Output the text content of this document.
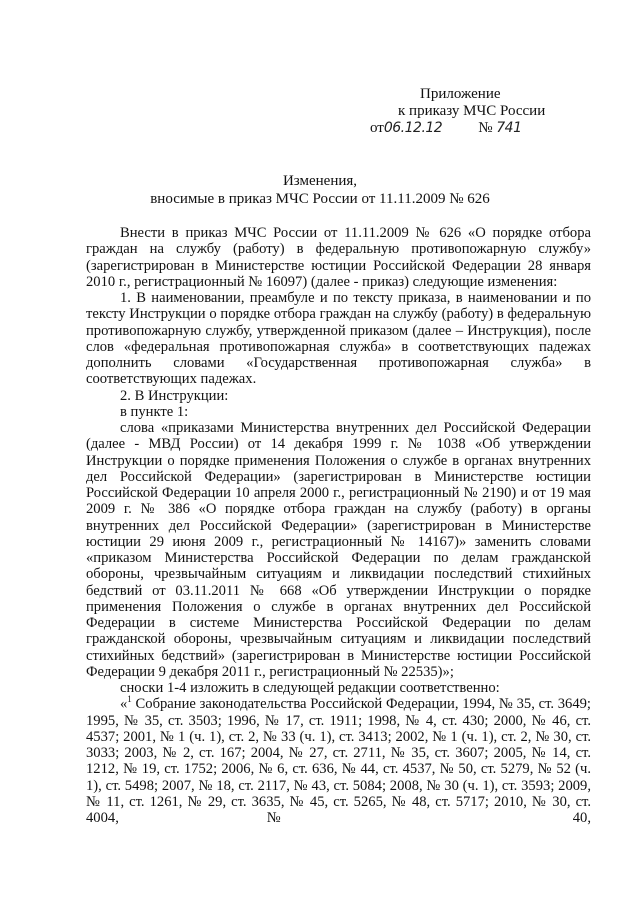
Приложение
к приказу МЧС России
от06.12.12 № 741
Изменения,
вносимые в приказ МЧС России от 11.11.2009 № 626

Внести в приказ МЧС России от 11.11.2009 № 626 «О порядке отбора граждан на службу (работу) в федеральную противопожарную службу» (зарегистрирован в Министерстве юстиции Российской Федерации 28 января 2010 г., регистрационный № 16097) (далее - приказ) следующие изменения:

1. В наименовании, преамбуле и по тексту приказа, в наименовании и по тексту Инструкции о порядке отбора граждан на службу (работу) в федеральную противопожарную службу, утвержденной приказом (далее – Инструкция), после слов «федеральная противопожарная служба» в соответствующих падежах дополнить словами «Государственная противопожарная служба» в соответствующих падежах.

2. В Инструкции:

в пункте 1:

слова «приказами Министерства внутренних дел Российской Федерации (далее - МВД России) от 14 декабря 1999 г. № 1038 «Об утверждении Инструкции о порядке применения Положения о службе в органах внутренних дел Российской Федерации» (зарегистрирован в Министерстве юстиции Российской Федерации 10 апреля 2000 г., регистрационный № 2190) и от 19 мая 2009 г. № 386 «О порядке отбора граждан на службу (работу) в органы внутренних дел Российской Федерации» (зарегистрирован в Министерстве юстиции 29 июня 2009 г., регистрационный № 14167)» заменить словами «приказом Министерства Российской Федерации по делам гражданской обороны, чрезвычайным ситуациям и ликвидации последствий стихийных бедствий от 03.11.2011 № 668 «Об утверждении Инструкции о порядке применения Положения о службе в органах внутренних дел Российской Федерации в системе Министерства Российской Федерации по делам гражданской обороны, чрезвычайным ситуациям и ликвидации последствий стихийных бедствий» (зарегистрирован в Министерстве юстиции Российской Федерации 9 декабря 2011 г., регистрационный № 22535)»;

сноски 1-4 изложить в следующей редакции соответственно:

«$^1$ Собрание законодательства Российской Федерации, 1994, № 35, ст. 3649; 1995, № 35, ст. 3503; 1996, № 17, ст. 1911; 1998, № 4, ст. 430; 2000, № 46, ст. 4537; 2001, № 1 (ч. 1), ст. 2, № 33 (ч. 1), ст. 3413; 2002, № 1 (ч. 1), ст. 2, № 30, ст. 3033; 2003, № 2, ст. 167; 2004, № 27, ст. 2711, № 35, ст. 3607; 2005, № 14, ст. 1212, № 19, ст. 1752; 2006, № 6, ст. 636, № 44, ст. 4537, № 50, ст. 5279, № 52 (ч. 1), ст. 5498; 2007, № 18, ст. 2117, № 43, ст. 5084; 2008, № 30 (ч. 1), ст. 3593; 2009, № 11, ст. 1261, № 29, ст. 3635, № 45, ст. 5265, № 48, ст. 5717; 2010, № 30, ст. 4004, № 40,
